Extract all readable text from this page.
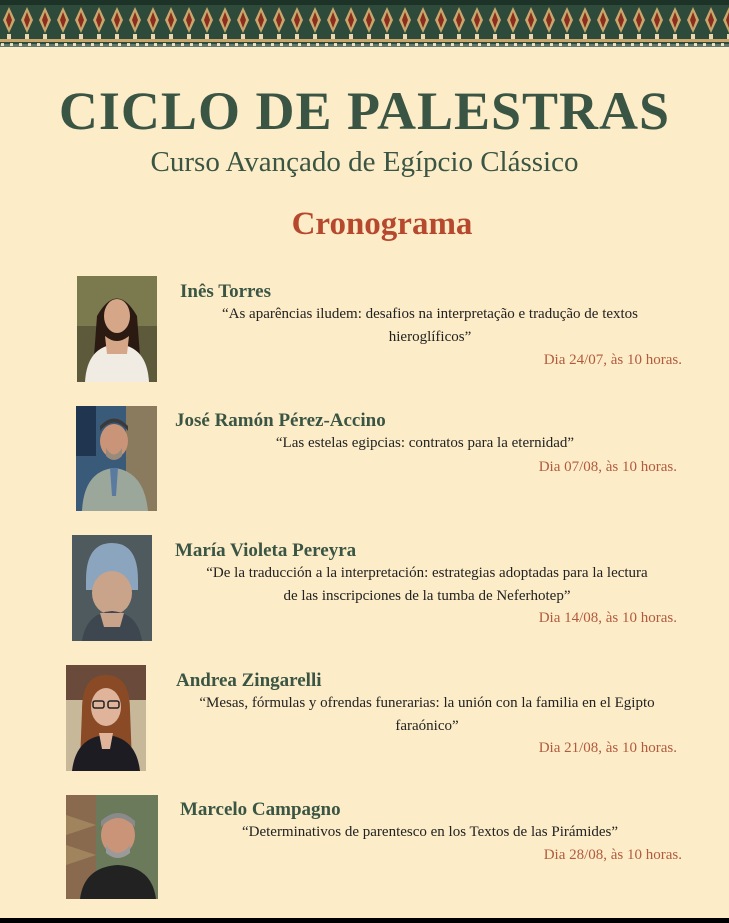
CICLO DE PALESTRAS
Curso Avançado de Egípcio Clássico
Cronograma
Inês Torres
“As aparências iludem: desafios na interpretação e tradução de textos
hieroglíficos”
Dia 24/07, às 10 horas.
José Ramón Pérez-Accino
“Las estelas egipcias: contratos para la eternidad”
Dia 07/08, às 10 horas.
María Violeta Pereyra
“De la traducción a la interpretación: estrategias adoptadas para la lectura
de las inscripciones de la tumba de Neferhotep”
Dia 14/08, às 10 horas.
Andrea Zingarelli
“Mesas, fórmulas y ofrendas funerarias: la unión con la familia en el Egipto
faraónico”
Dia 21/08, às 10 horas.
Marcelo Campagno
“Determinativos de parentesco en los Textos de las Pirámides”
Dia 28/08, às 10 horas.
